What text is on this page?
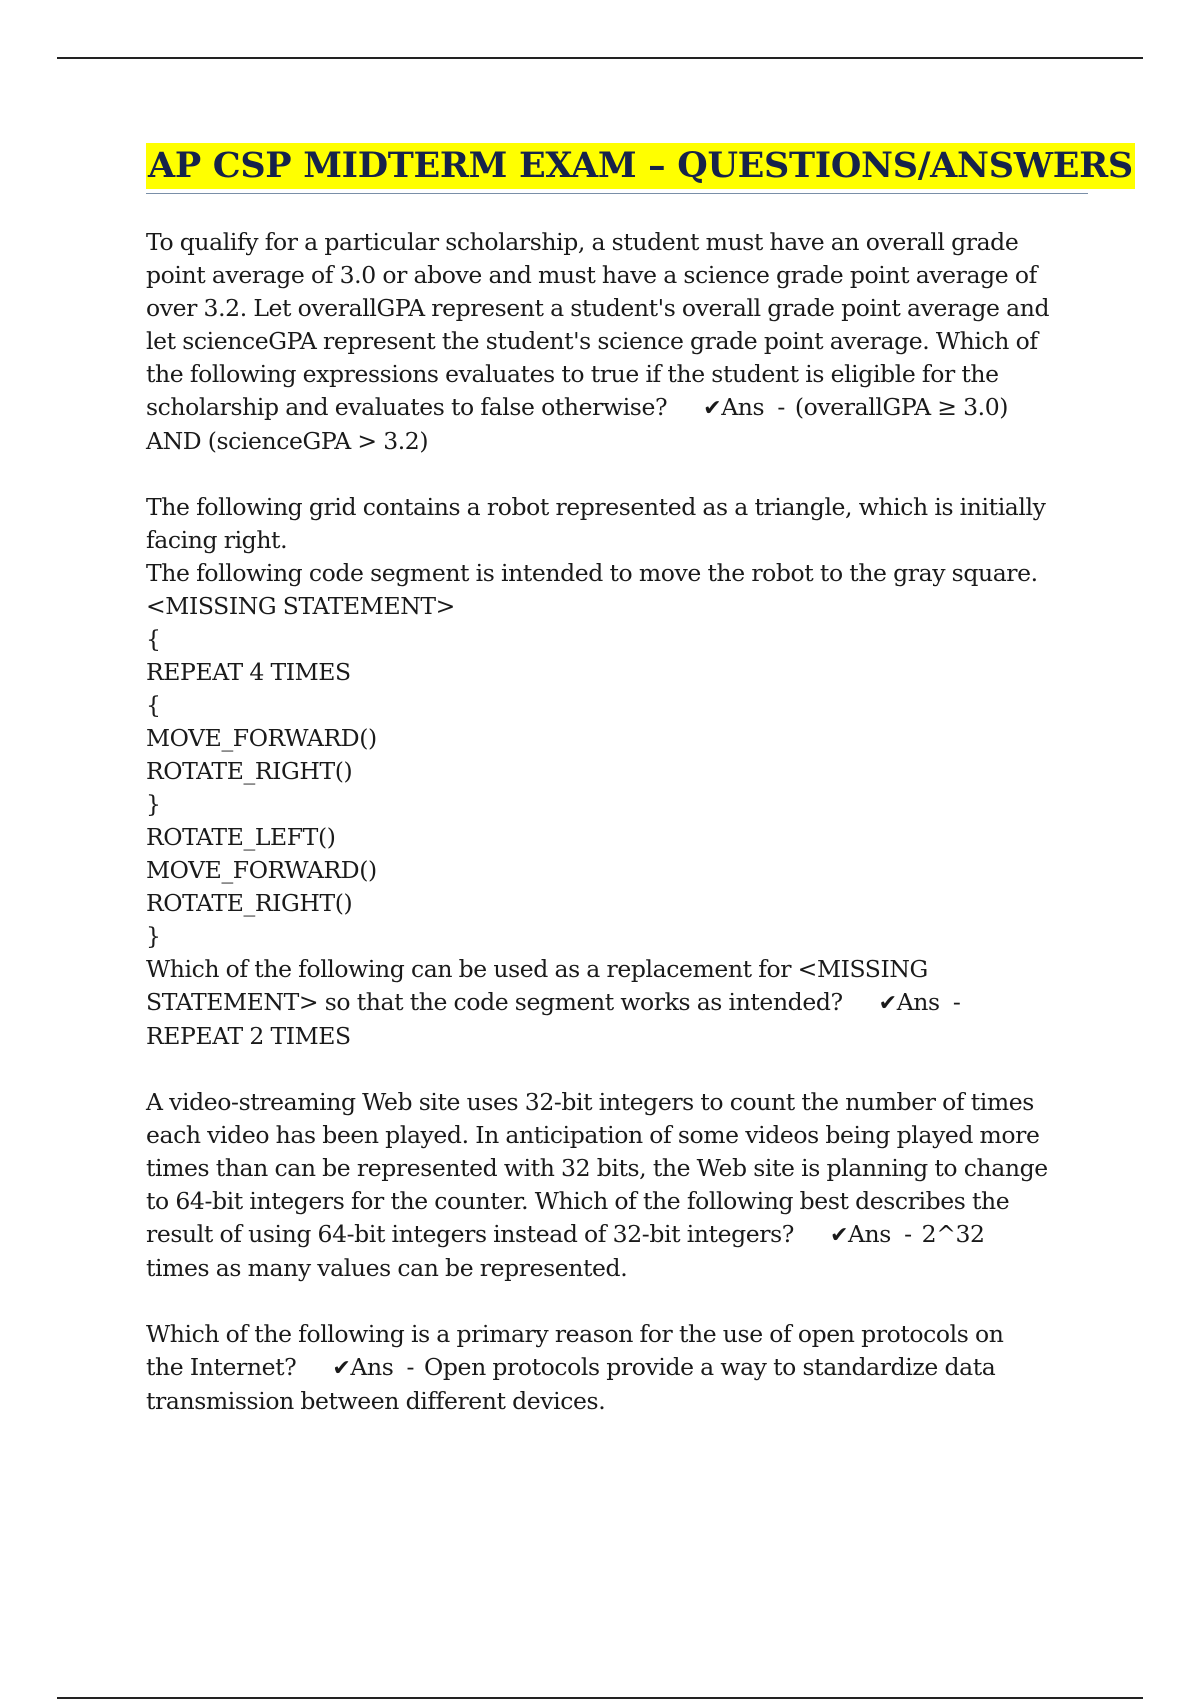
AP CSP MIDTERM EXAM – QUESTIONS/ANSWERS
To qualify for a particular scholarship, a student must have an overall grade
point average of 3.0 or above and must have a science grade point average of
over 3.2. Let overallGPA represent a student's overall grade point average and
let scienceGPA represent the student's science grade point average. Which of
the following expressions evaluates to true if the student is eligible for the
scholarship and evaluates to false otherwise? ✔Ans  - (overallGPA ≥ 3.0)
AND (scienceGPA > 3.2)
The following grid contains a robot represented as a triangle, which is initially
facing right.
The following code segment is intended to move the robot to the gray square.
<MISSING STATEMENT>
{
REPEAT 4 TIMES
{
MOVE_FORWARD()
ROTATE_RIGHT()
}
ROTATE_LEFT()
MOVE_FORWARD()
ROTATE_RIGHT()
}
Which of the following can be used as a replacement for <MISSING
STATEMENT> so that the code segment works as intended? ✔Ans  -
REPEAT 2 TIMES
A video-streaming Web site uses 32-bit integers to count the number of times
each video has been played. In anticipation of some videos being played more
times than can be represented with 32 bits, the Web site is planning to change
to 64-bit integers for the counter. Which of the following best describes the
result of using 64-bit integers instead of 32-bit integers? ✔Ans  - 2^32
times as many values can be represented.
Which of the following is a primary reason for the use of open protocols on
the Internet? ✔Ans  - Open protocols provide a way to standardize data
transmission between different devices.
